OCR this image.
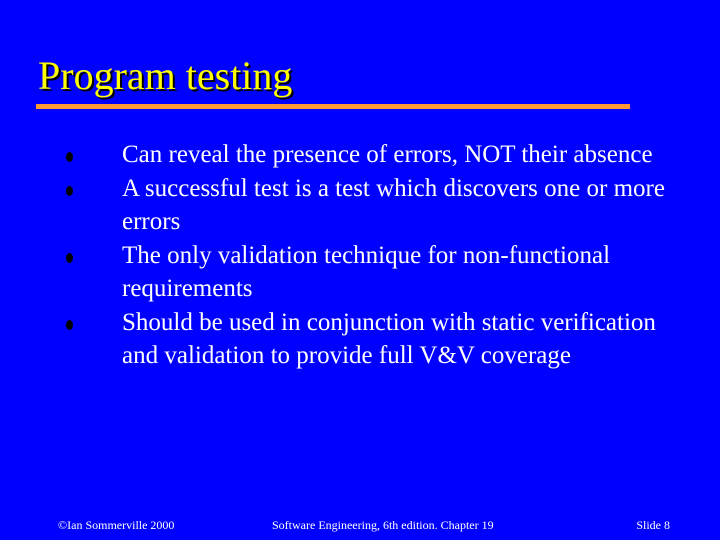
Program testing
Can reveal the presence of errors, NOT their absence
A successful test is a test which discovers one or more errors
The only validation technique for non-functional requirements
Should be used in conjunction with static verification and validation to provide full V&V coverage
©Ian Sommerville 2000	Software Engineering, 6th edition. Chapter 19	Slide 8
